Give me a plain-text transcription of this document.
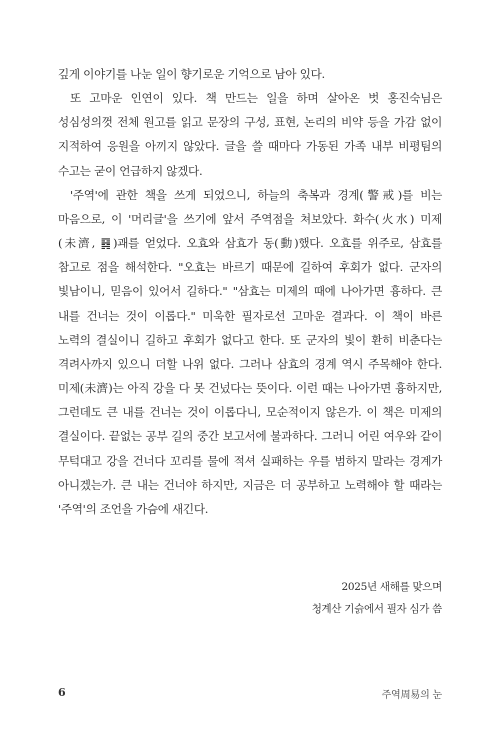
깊게 이야기를 나눈 일이 향기로운 기억으로 남아 있다.

또 고마운 인연이 있다. 책 만드는 일을 하며 살아온 벗 홍진숙님은 성심성의껏 전체 원고를 읽고 문장의 구성, 표현, 논리의 비약 등을 가감 없이 지적하여 응원을 아끼지 않았다. 글을 쓸 때마다 가동된 가족 내부 비평팀의 수고는 굳이 언급하지 않겠다.

'주역'에 관한 책을 쓰게 되었으니, 하늘의 축복과 경계(警戒)를 비는 마음으로, 이 '머리글'을 쓰기에 앞서 주역점을 쳐보았다. 화수(火水) 미제(未濟, ䷿)괘를 얻었다. 오효와 삼효가 동(動)했다. 오효를 위주로, 삼효를 참고로 점을 해석한다. "오효는 바르기 때문에 길하여 후회가 없다. 군자의 빛남이니, 믿음이 있어서 길하다." "삼효는 미제의 때에 나아가면 흉하다. 큰 내를 건너는 것이 이롭다." 미욱한 필자로선 고마운 결과다. 이 책이 바른 노력의 결실이니 길하고 후회가 없다고 한다. 또 군자의 빛이 환히 비춘다는 격려사까지 있으니 더할 나위 없다. 그러나 삼효의 경계 역시 주목해야 한다. 미제(未濟)는 아직 강을 다 못 건넜다는 뜻이다. 이런 때는 나아가면 흉하지만, 그런데도 큰 내를 건너는 것이 이롭다니, 모순적이지 않은가. 이 책은 미제의 결실이다. 끝없는 공부 길의 중간 보고서에 불과하다. 그러니 어린 여우와 같이 무턱대고 강을 건너다 꼬리를 물에 적셔 실패하는 우를 범하지 말라는 경계가 아니겠는가. 큰 내는 건너야 하지만, 지금은 더 공부하고 노력해야 할 때라는 '주역'의 조언을 가슴에 새긴다.

2025년 새해를 맞으며
청계산 기슭에서 필자 심가 씀
6	주역周易의 눈
